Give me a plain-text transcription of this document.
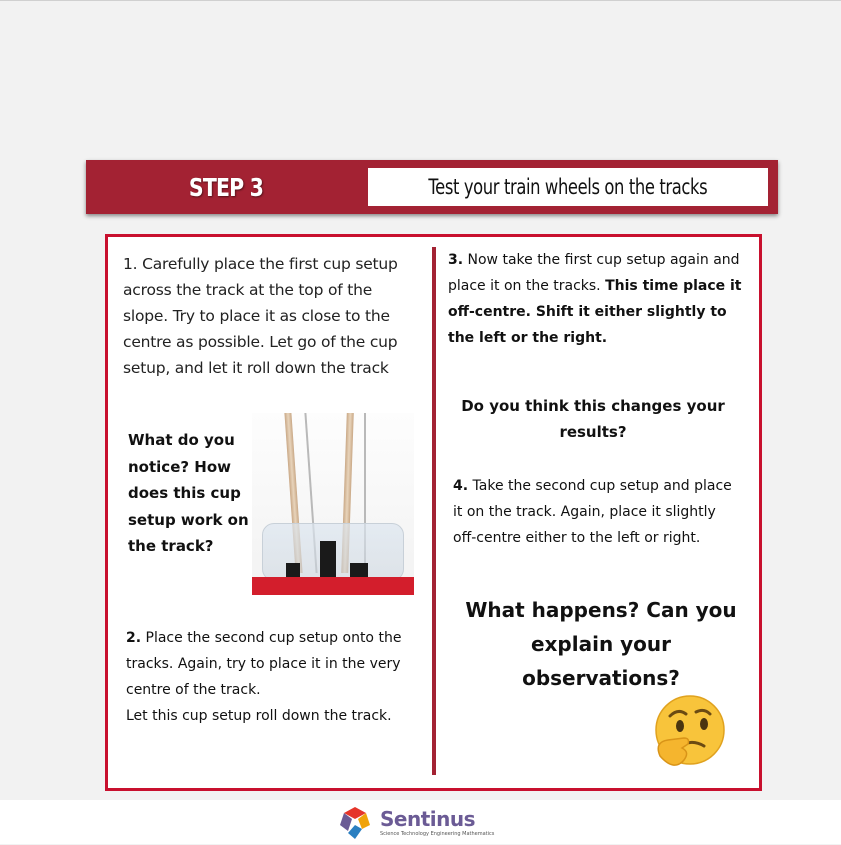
STEP 3	Test your train wheels on the tracks

1. Carefully place the first cup setup across the track at the top of the slope. Try to place it as close to the centre as possible. Let go of the cup setup, and let it roll down the track

What do you notice? How does this cup setup work on the track?
2. Place the second cup setup onto the tracks. Again, try to place it in the very centre of the track.
Let this cup setup roll down the track.

3. Now take the first cup setup again and place it on the tracks. This time place it off-centre. Shift it either slightly to the left or the right.

Do you think this changes your results?
4. Take the second cup setup and place it on the track. Again, place it slightly off-centre either to the left or right.
What happens? Can you explain your observations?
Sentinus
Science Technology Engineering Mathematics
